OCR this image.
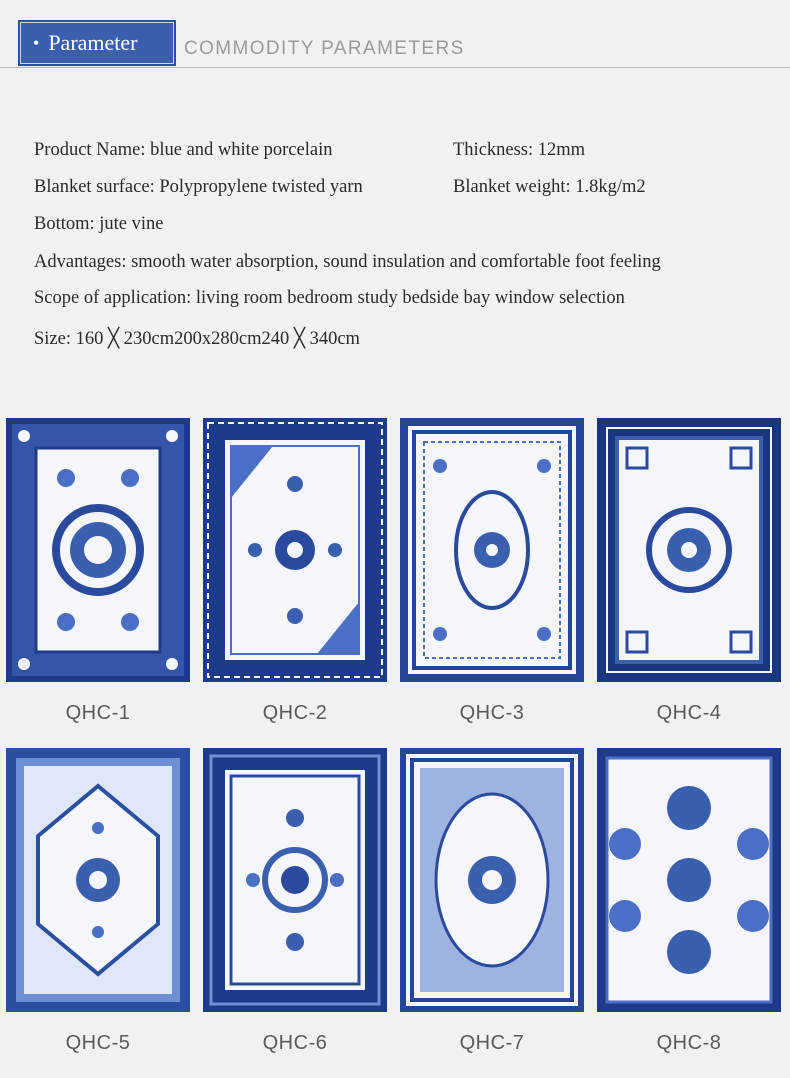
• Parameter COMMODITY PARAMETERS
Product Name: blue and white porcelain	Thickness: 12mm
Blanket surface: Polypropylene twisted yarn	Blanket weight: 1.8kg/m2
Bottom: jute vine
Advantages: smooth water absorption, sound insulation and comfortable foot feeling
Scope of application: living room bedroom study bedside bay window selection
Size: 160 ╳ 230cm200x280cm240 ╳ 340cm
QHC-1	QHC-2	QHC-3	QHC-4
QHC-5	QHC-6	QHC-7	QHC-8
